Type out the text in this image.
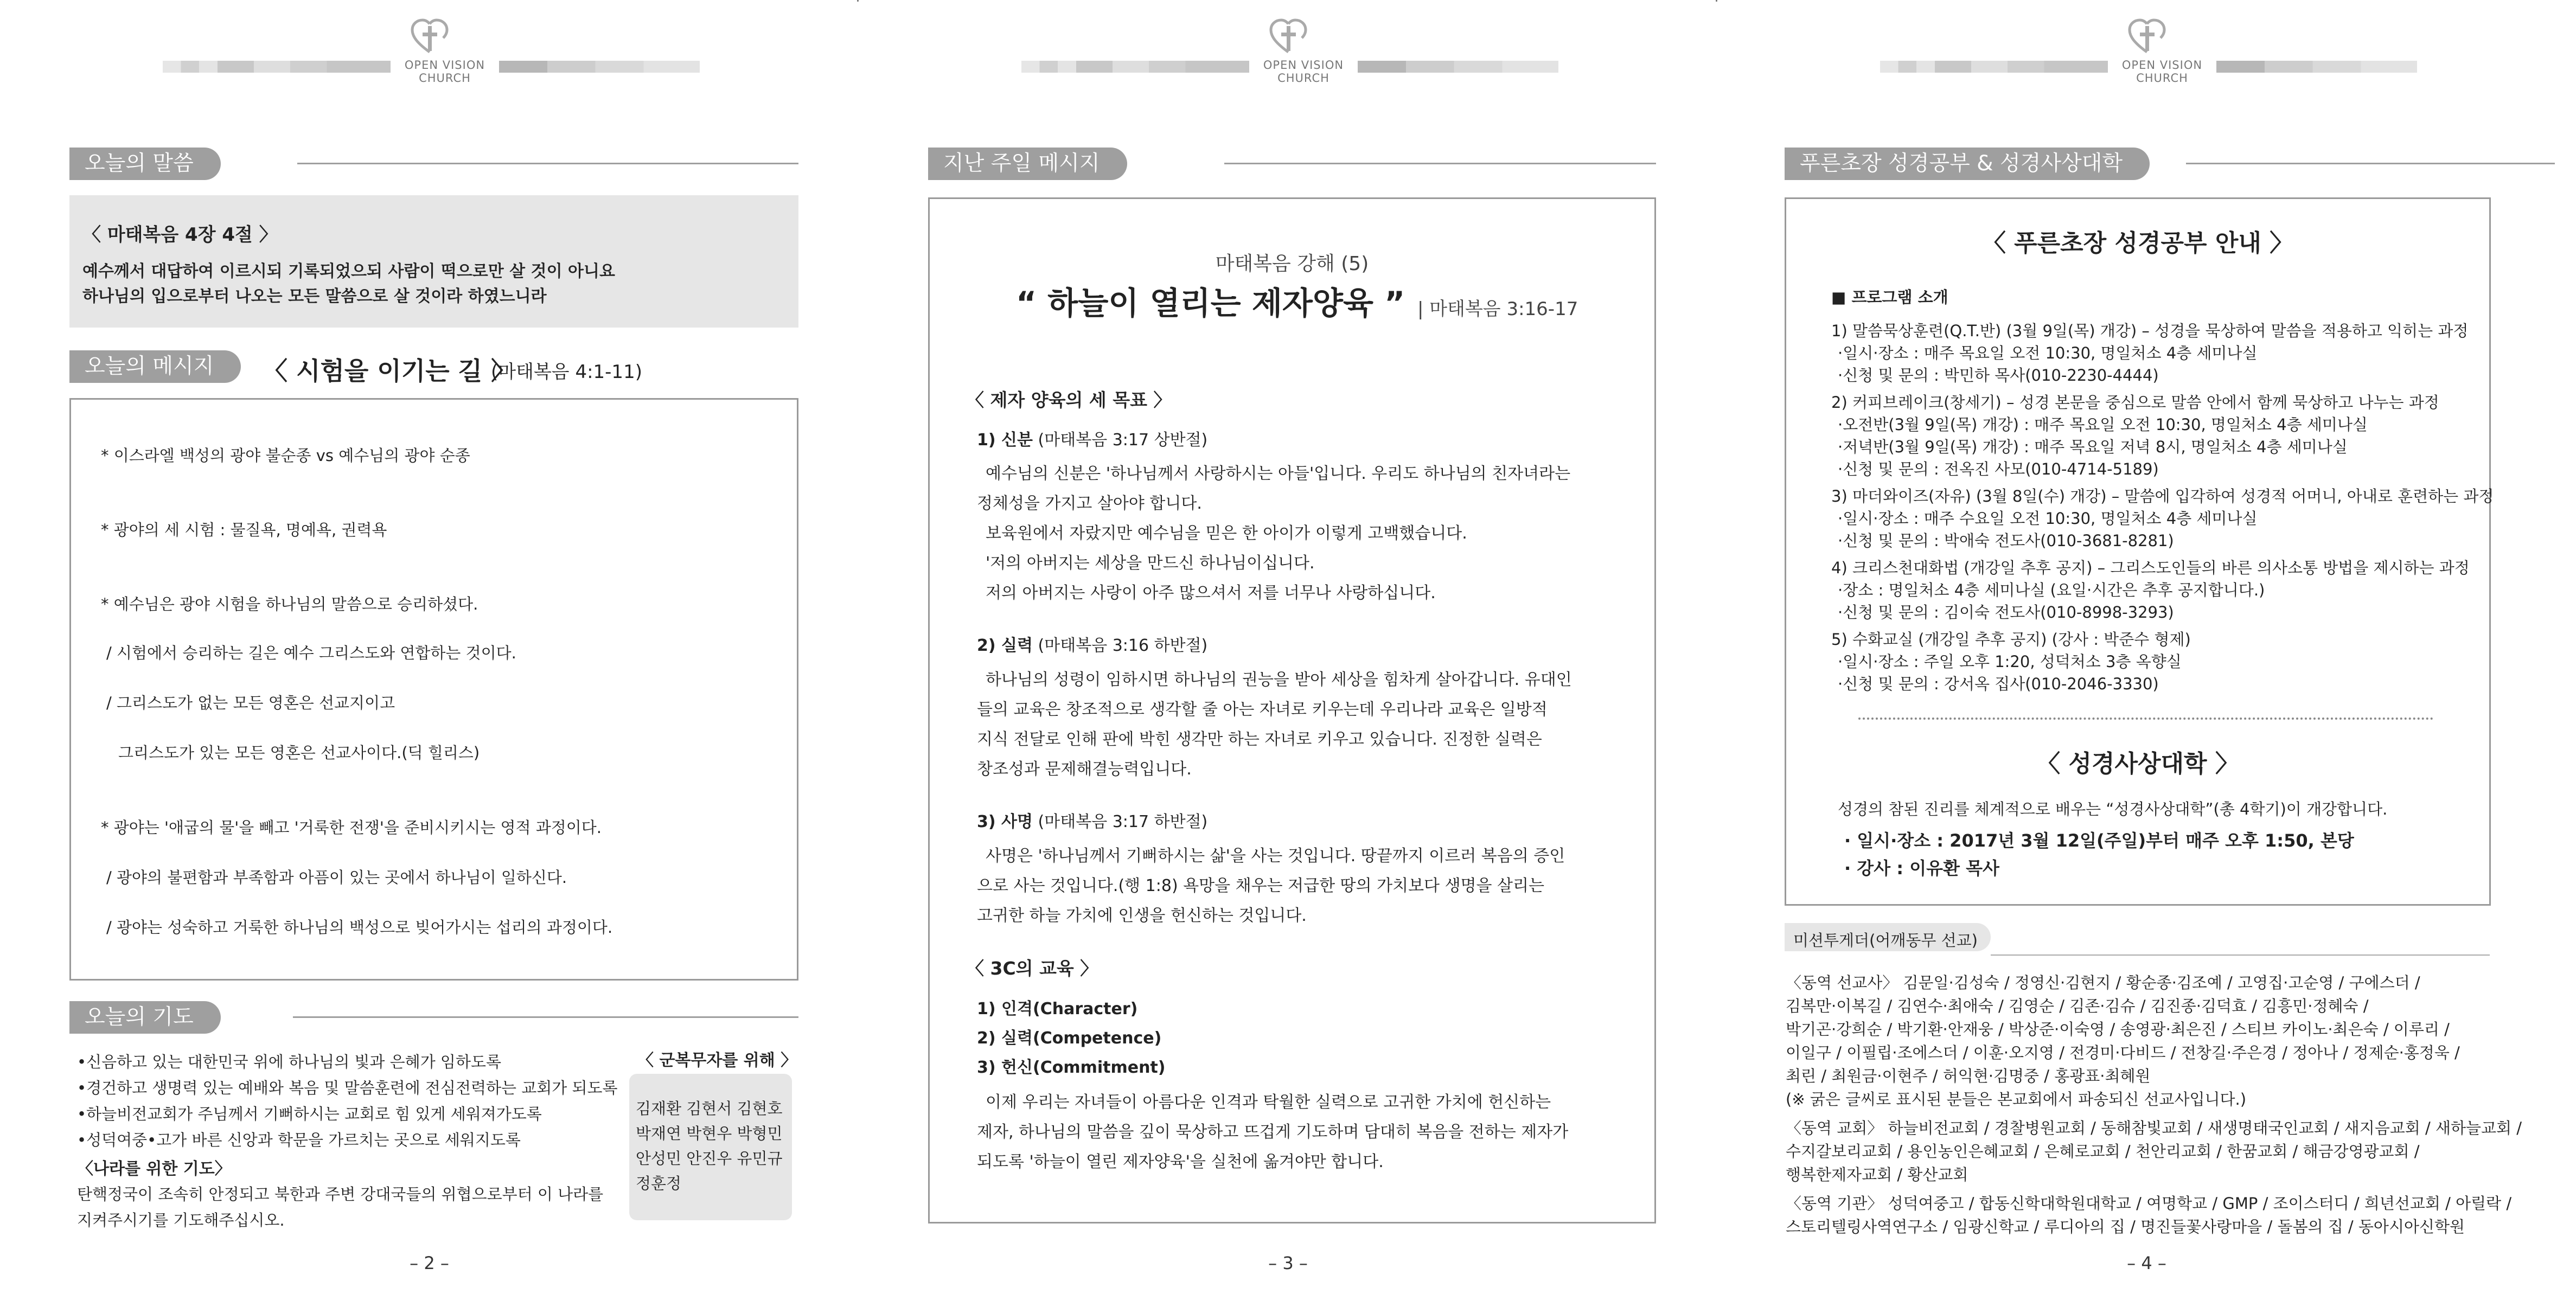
OPEN VISION CHURCH
오늘의 말씀
〈 마태복음 4장 4절 〉
예수께서 대답하여 이르시되 기록되었으되 사람이 떡으로만 살 것이 아니요
하나님의 입으로부터 나오는 모든 말씀으로 살 것이라 하였느니라
오늘의 메시지	〈 시험을 이기는 길 〉
(마태복음 4:1-11)
* 이스라엘 백성의 광야 불순종 vs 예수님의 광야 순종
* 광야의 세 시험 : 물질욕, 명예욕, 권력욕
* 예수님은 광야 시험을 하나님의 말씀으로 승리하셨다.
/ 시험에서 승리하는 길은 예수 그리스도와 연합하는 것이다.
/ 그리스도가 없는 모든 영혼은 선교지이고
그리스도가 있는 모든 영혼은 선교사이다.(딕 힐리스)
* 광야는 '애굽의 물'을 빼고 '거룩한 전쟁'을 준비시키시는 영적 과정이다.
/ 광야의 불편함과 부족함과 아픔이 있는 곳에서 하나님이 일하신다.
/ 광야는 성숙하고 거룩한 하나님의 백성으로 빚어가시는 섭리의 과정이다.
오늘의 기도
•신음하고 있는 대한민국 위에 하나님의 빛과 은혜가 임하도록
•경건하고 생명력 있는 예배와 복음 및 말씀훈련에 전심전력하는 교회가 되도록
•하늘비전교회가 주님께서 기뻐하시는 교회로 힘 있게 세워져가도록
•성덕여중•고가 바른 신앙과 학문을 가르치는 곳으로 세워지도록
〈나라를 위한 기도〉
탄핵정국이 조속히 안정되고 북한과 주변 강대국들의 위협으로부터 이 나라를
지켜주시기를 기도해주십시오.
〈 군복무자를 위해 〉
김재환 김현서 김현호
박재연 박현우 박형민
안성민 안진우 유민규
정훈정
– 2 –
OPEN VISION CHURCH
지난 주일 메시지
마태복음 강해 (5)
“ 하늘이 열리는 제자양육 ” | 마태복음 3:16-17
〈 제자 양육의 세 목표 〉
1) 신분 (마태복음 3:17 상반절)
예수님의 신분은 '하나님께서 사랑하시는 아들'입니다. 우리도 하나님의 친자녀라는
정체성을 가지고 살아야 합니다.
보육원에서 자랐지만 예수님을 믿은 한 아이가 이렇게 고백했습니다.
'저의 아버지는 세상을 만드신 하나님이십니다.
저의 아버지는 사랑이 아주 많으셔서 저를 너무나 사랑하십니다.
2) 실력 (마태복음 3:16 하반절)
하나님의 성령이 임하시면 하나님의 권능을 받아 세상을 힘차게 살아갑니다. 유대인
들의 교육은 창조적으로 생각할 줄 아는 자녀로 키우는데 우리나라 교육은 일방적
지식 전달로 인해 판에 박힌 생각만 하는 자녀로 키우고 있습니다. 진정한 실력은
창조성과 문제해결능력입니다.
3) 사명 (마태복음 3:17 하반절)
사명은 '하나님께서 기뻐하시는 삶'을 사는 것입니다. 땅끝까지 이르러 복음의 증인
으로 사는 것입니다.(행 1:8) 욕망을 채우는 저급한 땅의 가치보다 생명을 살리는
고귀한 하늘 가치에 인생을 헌신하는 것입니다.
〈 3C의 교육 〉
1) 인격(Character)
2) 실력(Competence)
3) 헌신(Commitment)
이제 우리는 자녀들이 아름다운 인격과 탁월한 실력으로 고귀한 가치에 헌신하는
제자, 하나님의 말씀을 깊이 묵상하고 뜨겁게 기도하며 담대히 복음을 전하는 제자가
되도록 '하늘이 열린 제자양육'을 실천에 옮겨야만 합니다.
– 3 –
OPEN VISION CHURCH
푸른초장 성경공부 & 성경사상대학
〈 푸른초장 성경공부 안내 〉
■ 프로그램 소개
1) 말씀묵상훈련(Q.T.반) (3월 9일(목) 개강) – 성경을 묵상하여 말씀을 적용하고 익히는 과정
·일시·장소 : 매주 목요일 오전 10:30, 명일처소 4층 세미나실
·신청 및 문의 : 박민하 목사(010-2230-4444)
2) 커피브레이크(창세기) – 성경 본문을 중심으로 말씀 안에서 함께 묵상하고 나누는 과정
·오전반(3월 9일(목) 개강) : 매주 목요일 오전 10:30, 명일처소 4층 세미나실
·저녁반(3월 9일(목) 개강) : 매주 목요일 저녁 8시, 명일처소 4층 세미나실
·신청 및 문의 : 전옥진 사모(010-4714-5189)
3) 마더와이즈(자유) (3월 8일(수) 개강) – 말씀에 입각하여 성경적 어머니, 아내로 훈련하는 과정
·일시·장소 : 매주 수요일 오전 10:30, 명일처소 4층 세미나실
·신청 및 문의 : 박애숙 전도사(010-3681-8281)
4) 크리스천대화법 (개강일 추후 공지) – 그리스도인들의 바른 의사소통 방법을 제시하는 과정
·장소 : 명일처소 4층 세미나실 (요일·시간은 추후 공지합니다.)
·신청 및 문의 : 김이숙 전도사(010-8998-3293)
5) 수화교실 (개강일 추후 공지) (강사 : 박준수 형제)
·일시·장소 : 주일 오후 1:20, 성덕처소 3층 옥향실
·신청 및 문의 : 강서옥 집사(010-2046-3330)
〈 성경사상대학 〉
성경의 참된 진리를 체계적으로 배우는 “성경사상대학”(총 4학기)이 개강합니다.
· 일시·장소 : 2017년 3월 12일(주일)부터 매주 오후 1:50, 본당
· 강사 : 이유환 목사
미션투게더(어깨동무 선교)
〈동역 선교사〉 김문일·김성숙 / 정영신·김현지 / 황순종·김조예 / 고영집·고순영 / 구에스더 /
김복만·이복길 / 김연수·최애숙 / 김영순 / 김존·김슈 / 김진종·김덕효 / 김흥민·정혜숙 /
박기곤·강희순 / 박기환·안재웅 / 박상준·이숙영 / 송영광·최은진 / 스티브 카이노·최은숙 / 이루리 /
이일구 / 이필립·조에스더 / 이훈·오지영 / 전경미·다비드 / 전창길·주은경 / 정아나 / 정제순·홍정욱 /
최린 / 최원금·이현주 / 허익현·김명중 / 홍광표·최혜원
(※ 굵은 글씨로 표시된 분들은 본교회에서 파송되신 선교사입니다.)
〈동역 교회〉 하늘비전교회 / 경찰병원교회 / 동해참빛교회 / 새생명태국인교회 / 새지음교회 / 새하늘교회 /
수지갈보리교회 / 용인농인은혜교회 / 은혜로교회 / 천안리교회 / 한꿈교회 / 해금강영광교회 /
행복한제자교회 / 황산교회
〈동역 기관〉 성덕여중고 / 합동신학대학원대학교 / 여명학교 / GMP / 조이스터디 / 희년선교회 / 아릴락 /
스토리텔링사역연구소 / 임광신학교 / 루디아의 집 / 명진들꽃사랑마을 / 돌봄의 집 / 동아시아신학원
– 4 –
